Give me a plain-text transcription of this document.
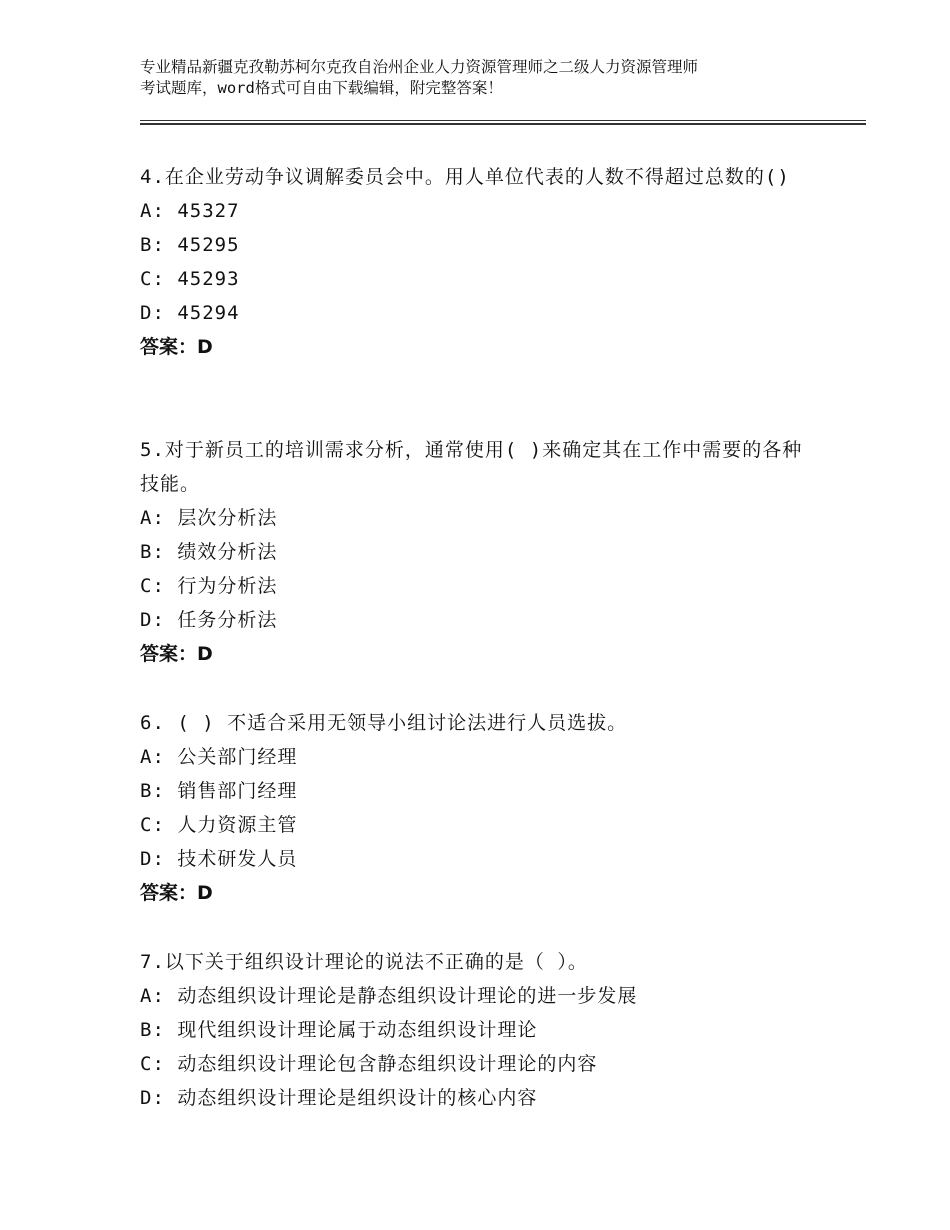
专业精品新疆克孜勒苏柯尔克孜自治州企业人力资源管理师之二级人力资源管理师
考试题库，word格式可自由下载编辑，附完整答案！
4.在企业劳动争议调解委员会中。用人单位代表的人数不得超过总数的()
A: 45327
B: 45295
C: 45293
D: 45294
答案：D
5.对于新员工的培训需求分析，通常使用( )来确定其在工作中需要的各种技能。
A: 层次分析法
B: 绩效分析法
C: 行为分析法
D: 任务分析法
答案：D
6. ( ) 不适合采用无领导小组讨论法进行人员选拔。
A: 公关部门经理
B: 销售部门经理
C: 人力资源主管
D: 技术研发人员
答案：D
7.以下关于组织设计理论的说法不正确的是（ ）。
A: 动态组织设计理论是静态组织设计理论的进一步发展
B: 现代组织设计理论属于动态组织设计理论
C: 动态组织设计理论包含静态组织设计理论的内容
D: 动态组织设计理论是组织设计的核心内容
